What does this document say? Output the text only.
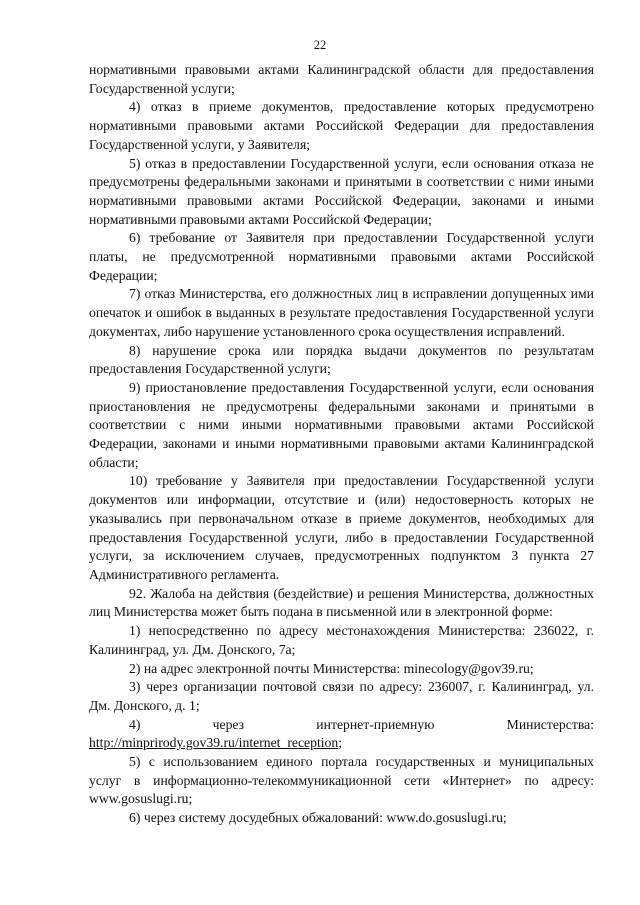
22

нормативными правовыми актами Калининградской области для предоставления Государственной услуги;

4) отказ в приеме документов, предоставление которых предусмотрено нормативными правовыми актами Российской Федерации для предоставления Государственной услуги, у Заявителя;

5) отказ в предоставлении Государственной услуги, если основания отказа не предусмотрены федеральными законами и принятыми в соответствии с ними иными нормативными правовыми актами Российской Федерации, законами и иными нормативными правовыми актами Российской Федерации;

6) требование от Заявителя при предоставлении Государственной услуги платы, не предусмотренной нормативными правовыми актами Российской Федерации;

7) отказ Министерства, его должностных лиц в исправлении допущенных ими опечаток и ошибок в выданных в результате предоставления Государственной услуги документах, либо нарушение установленного срока осуществления исправлений.

8) нарушение срока или порядка выдачи документов по результатам предоставления Государственной услуги;

9) приостановление предоставления Государственной услуги, если основания приостановления не предусмотрены федеральными законами и принятыми в соответствии с ними иными нормативными правовыми актами Российской Федерации, законами и иными нормативными правовыми актами Калининградской области;

10) требование у Заявителя при предоставлении Государственной услуги документов или информации, отсутствие и (или) недостоверность которых не указывались при первоначальном отказе в приеме документов, необходимых для предоставления Государственной услуги, либо в предоставлении Государственной услуги, за исключением случаев, предусмотренных подпунктом 3 пункта 27 Административного регламента.

92. Жалоба на действия (бездействие) и решения Министерства, должностных лиц Министерства может быть подана в письменной или в электронной форме:

1) непосредственно по адресу местонахождения Министерства: 236022, г. Калининград, ул. Дм. Донского, 7а;

2) на адрес электронной почты Министерства: minecology@gov39.ru;

3) через организации почтовой связи по адресу: 236007, г. Калининград, ул. Дм. Донского, д. 1;

4) через интернет-приемную Министерства: http://minprirody.gov39.ru/internet_reception;

5) с использованием единого портала государственных и муниципальных услуг в информационно-телекоммуникационной сети «Интернет» по адресу: www.gosuslugi.ru;

6) через систему досудебных обжалований: www.do.gosuslugi.ru;
